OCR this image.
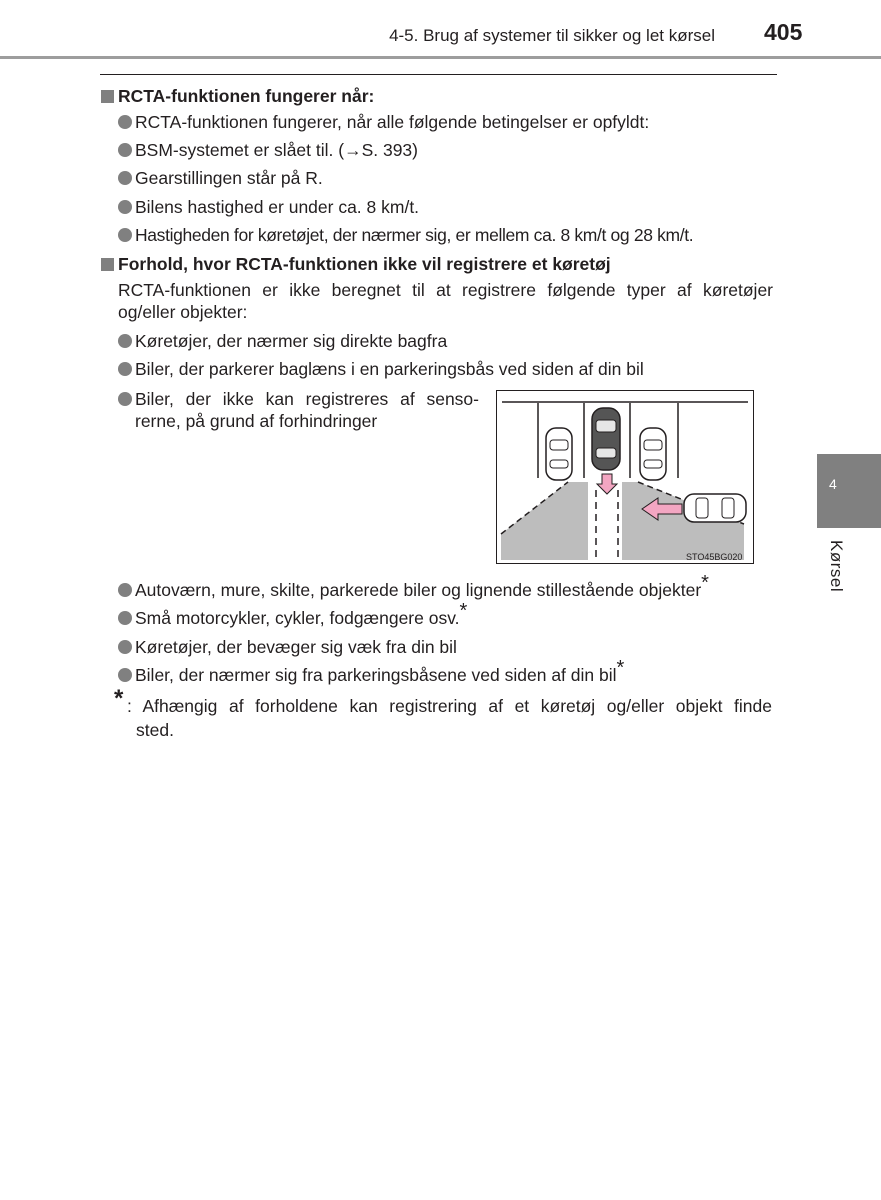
4-5. Brug af systemer til sikker og let kørsel 405
RCTA-funktionen fungerer når:
RCTA-funktionen fungerer, når alle følgende betingelser er opfyldt:
BSM-systemet er slået til. (→S. 393)
Gearstillingen står på R.
Bilens hastighed er under ca. 8 km/t.
Hastigheden for køretøjet, der nærmer sig, er mellem ca. 8 km/t og 28 km/t.
Forhold, hvor RCTA-funktionen ikke vil registrere et køretøj
RCTA-funktionen er ikke beregnet til at registrere følgende typer af køretøjer
og/eller objekter:
Køretøjer, der nærmer sig direkte bagfra
Biler, der parkerer baglæns i en parkeringsbås ved siden af din bil
Biler, der ikke kan registreres af senso-
rerne, på grund af forhindringer
STO45BG020
Autoværn, mure, skilte, parkerede biler og lignende stillestående objekter*
Små motorcykler, cykler, fodgængere osv.*
Køretøjer, der bevæger sig væk fra din bil
Biler, der nærmer sig fra parkeringsbåsene ved siden af din bil*
* : Afhængig af forholdene kan registrering af et køretøj og/eller objekt finde
sted.
4
Kørsel
